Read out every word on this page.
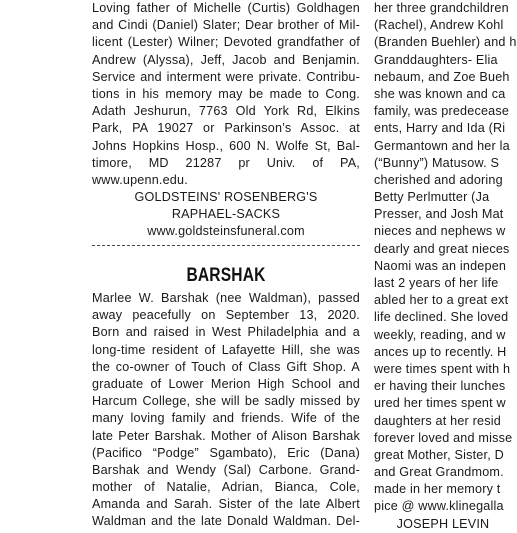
Loving father of Michelle (Curtis) Goldhagen
and Cindi (Daniel) Slater; Dear brother of Mil-
licent (Lester) Wilner; Devoted grandfather of
Andrew (Alyssa), Jeff, Jacob and Benjamin.
Service and interment were private. Contribu-
tions in his memory may be made to Cong.
Adath Jeshurun, 7763 Old York Rd, Elkins
Park, PA 19027 or Parkinson’s Assoc. at
Johns Hopkins Hosp., 600 N. Wolfe St, Bal-
timore, MD 21287 pr Univ. of PA,
www.upenn.edu.
GOLDSTEINS' ROSENBERG'S
RAPHAEL-SACKS
www.goldsteinsfuneral.com
BARSHAK
Marlee W. Barshak (nee Waldman), passed
away peacefully on September 13, 2020.
Born and raised in West Philadelphia and a
long-time resident of Lafayette Hill, she was
the co-owner of Touch of Class Gift Shop. A
graduate of Lower Merion High School and
Harcum College, she will be sadly missed by
many loving family and friends. Wife of the
late Peter Barshak. Mother of Alison Barshak
(Pacifico “Podge” Sgambato), Eric (Dana)
Barshak and Wendy (Sal) Carbone. Grand-
mother of Natalie, Adrian, Bianca, Cole,
Amanda and Sarah. Sister of the late Albert
Waldman and the late Donald Waldman. Del-
her three grandchildren
(Rachel), Andrew Kohl
(Branden Buehler) and h
Granddaughters- Elia
nebaum, and Zoe Bueh
she was known and ca
family, was predecease
ents, Harry and Ida (Ri
Germantown and her la
(“Bunny”) Matusow. S
cherished and adoring
Betty Perlmutter (Ja
Presser, and Josh Mat
nieces and nephews w
dearly and great nieces
Naomi was an indepen
last 2 years of her life
abled her to a great ext
life declined. She loved
weekly, reading, and w
ances up to recently. H
were times spent with h
er having their lunches
ured her times spent w
daughters at her resid
forever loved and misse
great Mother, Sister, D
and Great Grandmom.
made in her memory t
pice @ www.klinegalla
JOSEPH LEVIN
